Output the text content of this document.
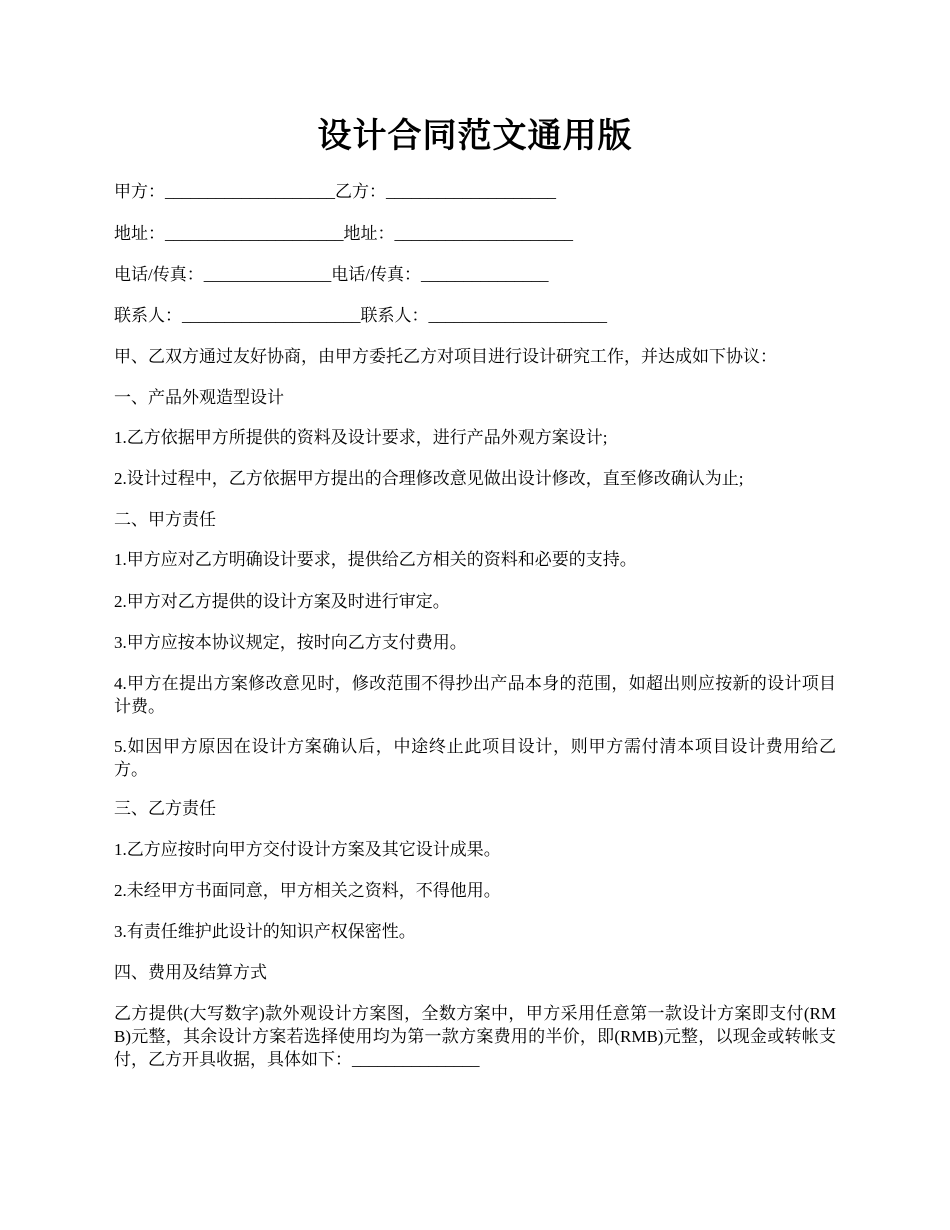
设计合同范文通用版
甲方：____________________乙方：____________________
地址：_____________________地址：_____________________
电话/传真：_______________电话/传真：_______________
联系人：_____________________联系人：_____________________
甲、乙双方通过友好协商，由甲方委托乙方对项目进行设计研究工作，并达成如下协议：
一、产品外观造型设计
1.乙方依据甲方所提供的资料及设计要求，进行产品外观方案设计;
2.设计过程中，乙方依据甲方提出的合理修改意见做出设计修改，直至修改确认为止;
二、甲方责任
1.甲方应对乙方明确设计要求，提供给乙方相关的资料和必要的支持。
2.甲方对乙方提供的设计方案及时进行审定。
3.甲方应按本协议规定，按时向乙方支付费用。
4.甲方在提出方案修改意见时，修改范围不得抄出产品本身的范围，如超出则应按新的设计项目计费。
5.如因甲方原因在设计方案确认后，中途终止此项目设计，则甲方需付清本项目设计费用给乙方。
三、乙方责任
1.乙方应按时向甲方交付设计方案及其它设计成果。
2.未经甲方书面同意，甲方相关之资料，不得他用。
3.有责任维护此设计的知识产权保密性。
四、费用及结算方式
乙方提供(大写数字)款外观设计方案图，全数方案中，甲方采用任意第一款设计方案即支付(RMB)元整，其余设计方案若选择使用均为第一款方案费用的半价，即(RMB)元整，以现金或转帐支付，乙方开具收据，具体如下：_______________
